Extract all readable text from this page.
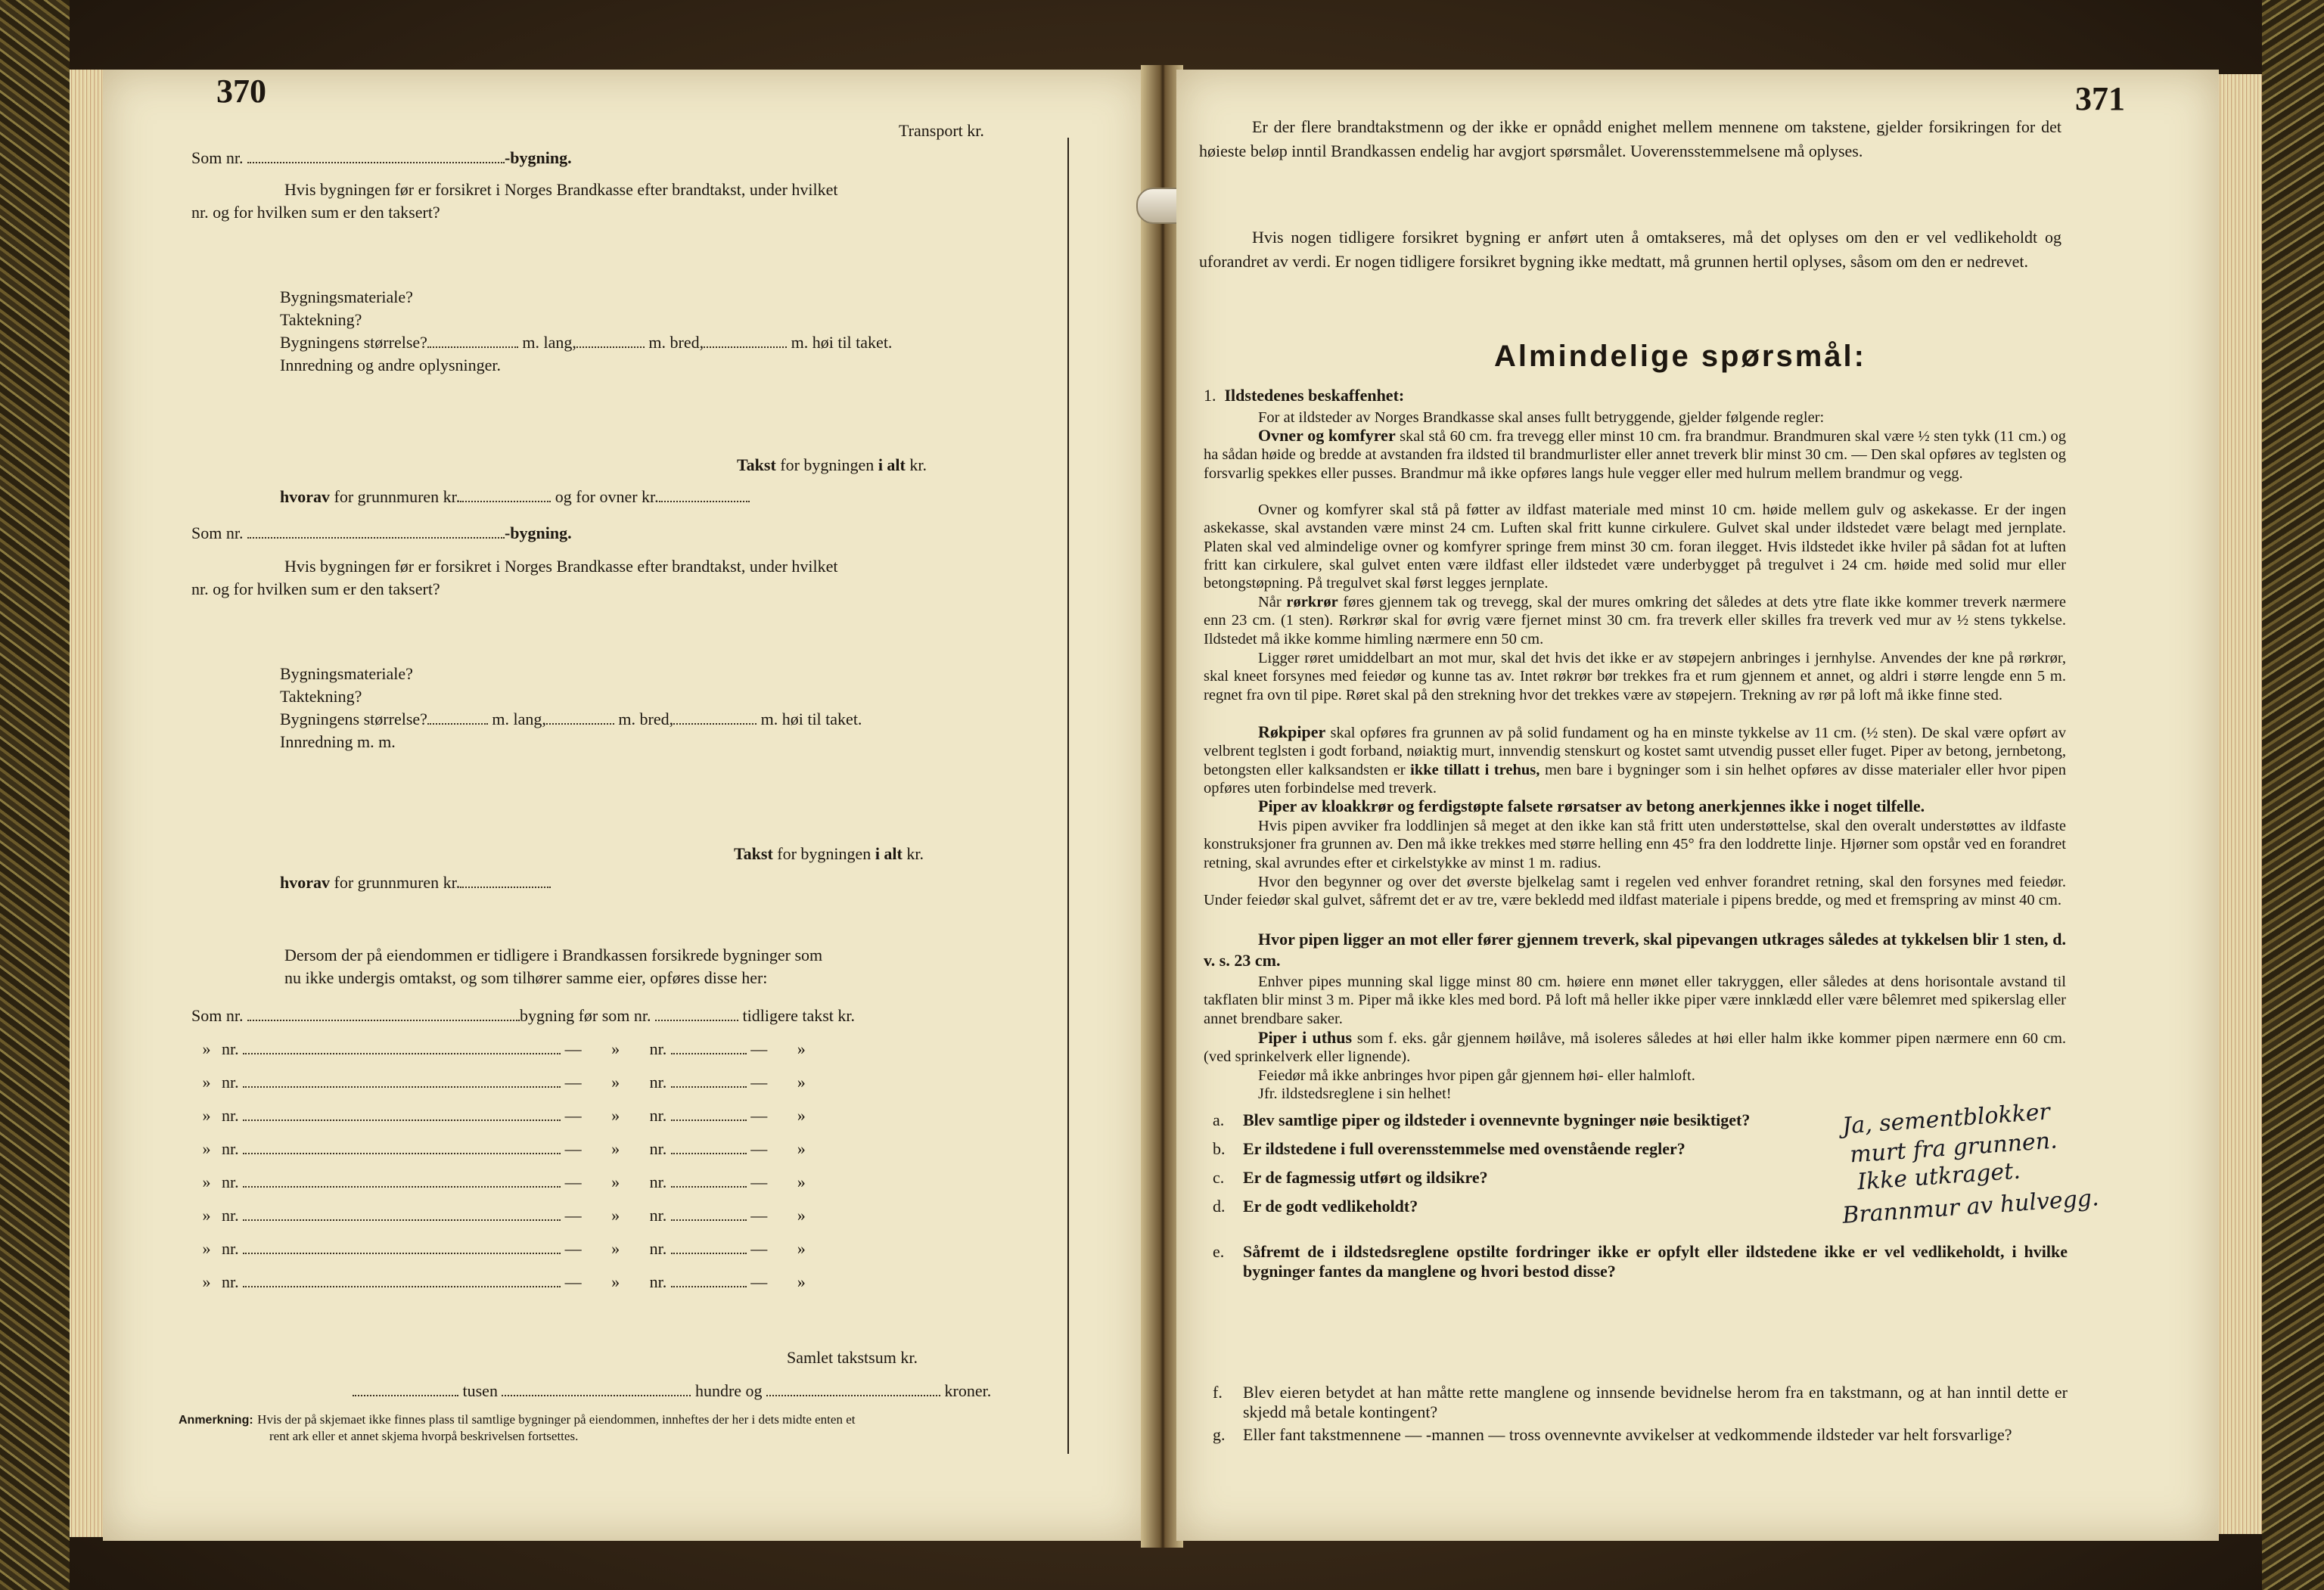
370
Transport kr.
Som nr.	-bygning.
Hvis bygningen før er forsikret i Norges Brandkasse efter brandtakst, under hvilket
nr. og for hvilken sum er den taksert?
Bygningsmateriale?
Taktekning?
Bygningens størrelse?	m. lang,	m. bred,	m. høi til taket.
Innredning og andre oplysninger.
Takst for bygningen i alt kr.
hvorav for grunnmuren kr.	og for ovner kr.
Som nr.	-bygning.
Hvis bygningen før er forsikret i Norges Brandkasse efter brandtakst, under hvilket
nr. og for hvilken sum er den taksert?
Bygningsmateriale?
Taktekning?
Bygningens størrelse?	m. lang,	m. bred,	m. høi til taket.
Innredning m. m.
Takst for bygningen i alt kr.
hvorav for grunnmuren kr.
Dersom der på eiendommen er tidligere i Brandkassen forsikrede bygninger som
nu ikke undergis omtakst, og som tilhører samme eier, opføres disse her:
Som nr.	bygning før som nr.	tidligere takst kr.
» nr.	— » nr.	— »
» nr.	— » nr.	— »
» nr.	— » nr.	— »
» nr.	— » nr.	— »
» nr.	— » nr.	— »
» nr.	— » nr.	— »
» nr.	— » nr.	— »
» nr.	— » nr.	— »
Samlet takstsum kr.
tusen	hundre og	kroner.
Anmerkning: Hvis der på skjemaet ikke finnes plass til samtlige bygninger på eiendommen, innheftes der her i dets midte enten et
rent ark eller et annet skjema hvorpå beskrivelsen fortsettes.
371
Er der flere brandtakstmenn og der ikke er opnådd enighet mellem mennene om takstene, gjelder forsikringen for det høieste beløp inntil Brandkassen endelig har avgjort spørsmålet. Uoverensstemmelsene må oplyses.
Hvis nogen tidligere forsikret bygning er anført uten å omtakseres, må det oplyses om den er vel vedlikeholdt og uforandret av verdi. Er nogen tidligere forsikret bygning ikke medtatt, må grunnen hertil oplyses, såsom om den er nedrevet.
Almindelige spørsmål:
1. Ildstedenes beskaffenhet:
For at ildsteder av Norges Brandkasse skal anses fullt betryggende, gjelder følgende regler:
Ovner og komfyrer skal stå 60 cm. fra trevegg eller minst 10 cm. fra brandmur. Brandmuren skal være ½ sten tykk (11 cm.) og ha sådan høide og bredde at avstanden fra ildsted til brandmurlister eller annet treverk blir minst 30 cm. — Den skal opføres av teglsten og forsvarlig spekkes eller pusses. Brandmur må ikke opføres langs hule vegger eller med hulrum mellem brandmur og vegg.
Ovner og komfyrer skal stå på føtter av ildfast materiale med minst 10 cm. høide mellem gulv og askekasse. Er der ingen askekasse, skal avstanden være minst 24 cm. Luften skal fritt kunne cirkulere. Gulvet skal under ildstedet være belagt med jernplate. Platen skal ved almindelige ovner og komfyrer springe frem minst 30 cm. foran ilegget. Hvis ildstedet ikke hviler på sådan fot at luften fritt kan cirkulere, skal gulvet enten være ildfast eller ildstedet være underbygget på tregulvet i 24 cm. høide med solid mur eller betongstøpning. På tregulvet skal først legges jernplate.
Når rørkrør føres gjennem tak og trevegg, skal der mures omkring det således at dets ytre flate ikke kommer treverk nærmere enn 23 cm. (1 sten). Rørkrør skal for øvrig være fjernet minst 30 cm. fra treverk eller skilles fra treverk ved mur av ½ stens tykkelse. Ildstedet må ikke komme himling nærmere enn 50 cm.
Ligger røret umiddelbart an mot mur, skal det hvis det ikke er av støpejern anbringes i jernhylse. Anvendes der kne på rørkrør, skal kneet forsynes med feiedør og kunne tas av. Intet røkrør bør trekkes fra et rum gjennem et annet, og aldri i større lengde enn 5 m. regnet fra ovn til pipe. Røret skal på den strekning hvor det trekkes være av støpejern. Trekning av rør på loft må ikke finne sted.
Røkpiper skal opføres fra grunnen av på solid fundament og ha en minste tykkelse av 11 cm. (½ sten). De skal være opført av velbrent teglsten i godt forband, nøiaktig murt, innvendig stenskurt og kostet samt utvendig pusset eller fuget. Piper av betong, jernbetong, betongsten eller kalksandsten er ikke tillatt i trehus, men bare i bygninger som i sin helhet opføres av disse materialer eller hvor pipen opføres uten forbindelse med treverk.
Piper av kloakkrør og ferdigstøpte falsete rørsatser av betong anerkjennes ikke i noget tilfelle.
Hvis pipen avviker fra loddlinjen så meget at den ikke kan stå fritt uten understøttelse, skal den overalt understøttes av ildfaste konstruksjoner fra grunnen av. Den må ikke trekkes med større helling enn 45° fra den loddrette linje. Hjørner som opstår ved en forandret retning, skal avrundes efter et cirkelstykke av minst 1 m. radius.
Hvor den begynner og over det øverste bjelkelag samt i regelen ved enhver forandret retning, skal den forsynes med feiedør. Under feiedør skal gulvet, såfremt det er av tre, være bekledd med ildfast materiale i pipens bredde, og med et fremspring av minst 40 cm.
Hvor pipen ligger an mot eller fører gjennem treverk, skal pipevangen utkrages således at tykkelsen blir 1 sten, d. v. s. 23 cm.
Enhver pipes munning skal ligge minst 80 cm. høiere enn mønet eller takryggen, eller således at dens horisontale avstand til takflaten blir minst 3 m. Piper må ikke kles med bord. På loft må heller ikke piper være innklædd eller være bêlemret med spikerslag eller annet brendbare saker.
Piper i uthus som f. eks. går gjennem høilåve, må isoleres således at høi eller halm ikke kommer pipen nærmere enn 60 cm. (ved sprinkelverk eller lignende).
Feiedør må ikke anbringes hvor pipen går gjennem høi- eller halmloft.
Jfr. ildstedsreglene i sin helhet!
a. Blev samtlige piper og ildsteder i ovennevnte bygninger nøie besiktiget?
b. Er ildstedene i full overensstemmelse med ovenstående regler?
c. Er de fagmessig utført og ildsikre?
d. Er de godt vedlikeholdt?
Ja, sementblokker
murt fra grunnen.
Ikke utkraget.
Brannmur av hulvegg.
e. Såfremt de i ildstedsreglene opstilte fordringer ikke er opfylt eller ildstedene ikke er vel vedlikeholdt, i hvilke bygninger fantes da manglene og hvori bestod disse?
f. Blev eieren betydet at han måtte rette manglene og innsende bevidnelse herom fra en takstmann, og at han inntil dette er skjedd må betale kontingent?
g. Eller fant takstmennene — -mannen — tross ovennevnte avvikelser at vedkommende ildsteder var helt forsvarlige?
